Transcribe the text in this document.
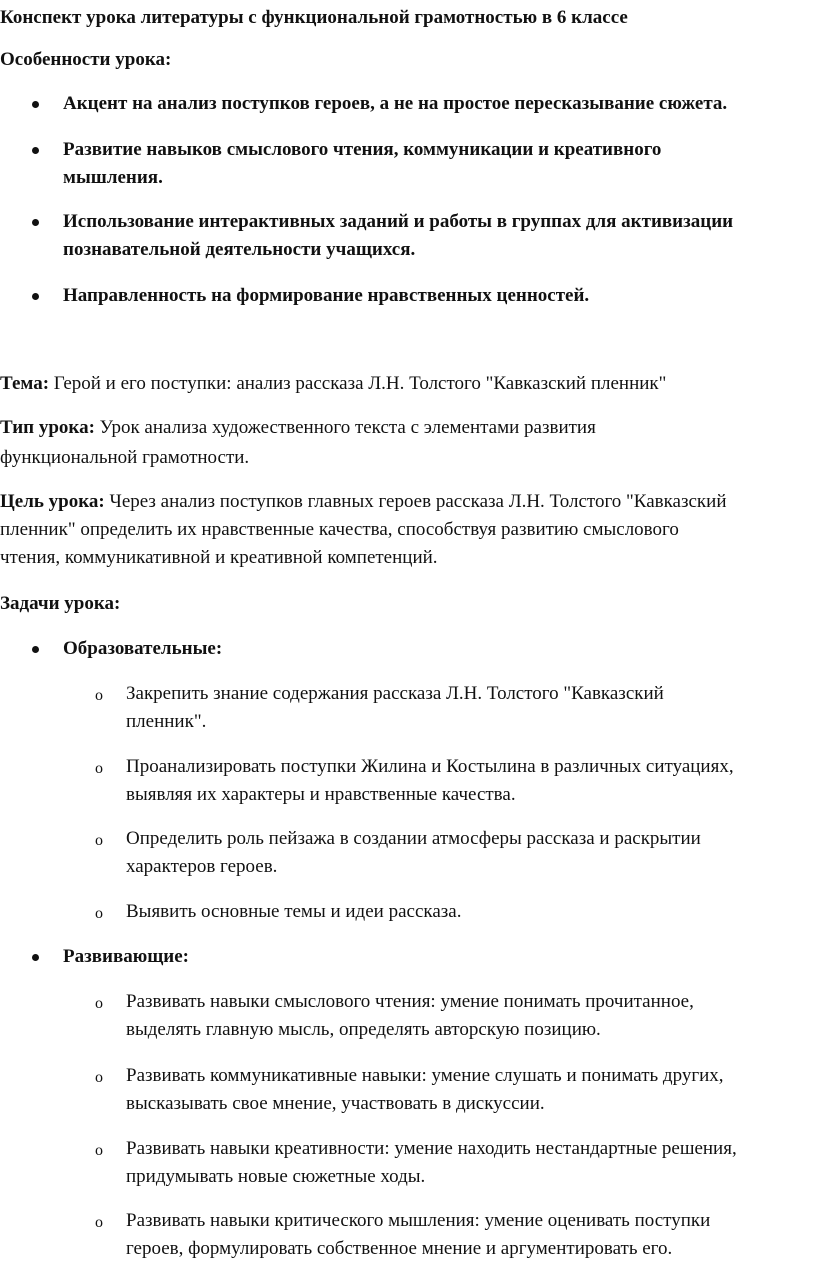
Конспект урока литературы с функциональной грамотностью в 6 классе

Особенности урока:

Акцент на анализ поступков героев, а не на простое пересказывание сюжета.

Развитие навыков смыслового чтения, коммуникации и креативного

мышления.

Использование интерактивных заданий и работы в группах для активизации

познавательной деятельности учащихся.

Направленность на формирование нравственных ценностей.

Тема: Герой и его поступки: анализ рассказа Л.Н. Толстого "Кавказский пленник"

Тип урока: Урок анализа художественного текста с элементами развития

функциональной грамотности.

Цель урока: Через анализ поступков главных героев рассказа Л.Н. Толстого "Кавказский

пленник" определить их нравственные качества, способствуя развитию смыслового

чтения, коммуникативной и креативной компетенций.

Задачи урока:

Образовательные:

o Закрепить знание содержания рассказа Л.Н. Толстого "Кавказский

пленник".

o Проанализировать поступки Жилина и Костылина в различных ситуациях,

выявляя их характеры и нравственные качества.

o Определить роль пейзажа в создании атмосферы рассказа и раскрытии

характеров героев.

o Выявить основные темы и идеи рассказа.

Развивающие:

o Развивать навыки смыслового чтения: умение понимать прочитанное,

выделять главную мысль, определять авторскую позицию.

o Развивать коммуникативные навыки: умение слушать и понимать других,

высказывать свое мнение, участвовать в дискуссии.

o Развивать навыки креативности: умение находить нестандартные решения,

придумывать новые сюжетные ходы.

o Развивать навыки критического мышления: умение оценивать поступки

героев, формулировать собственное мнение и аргументировать его.
